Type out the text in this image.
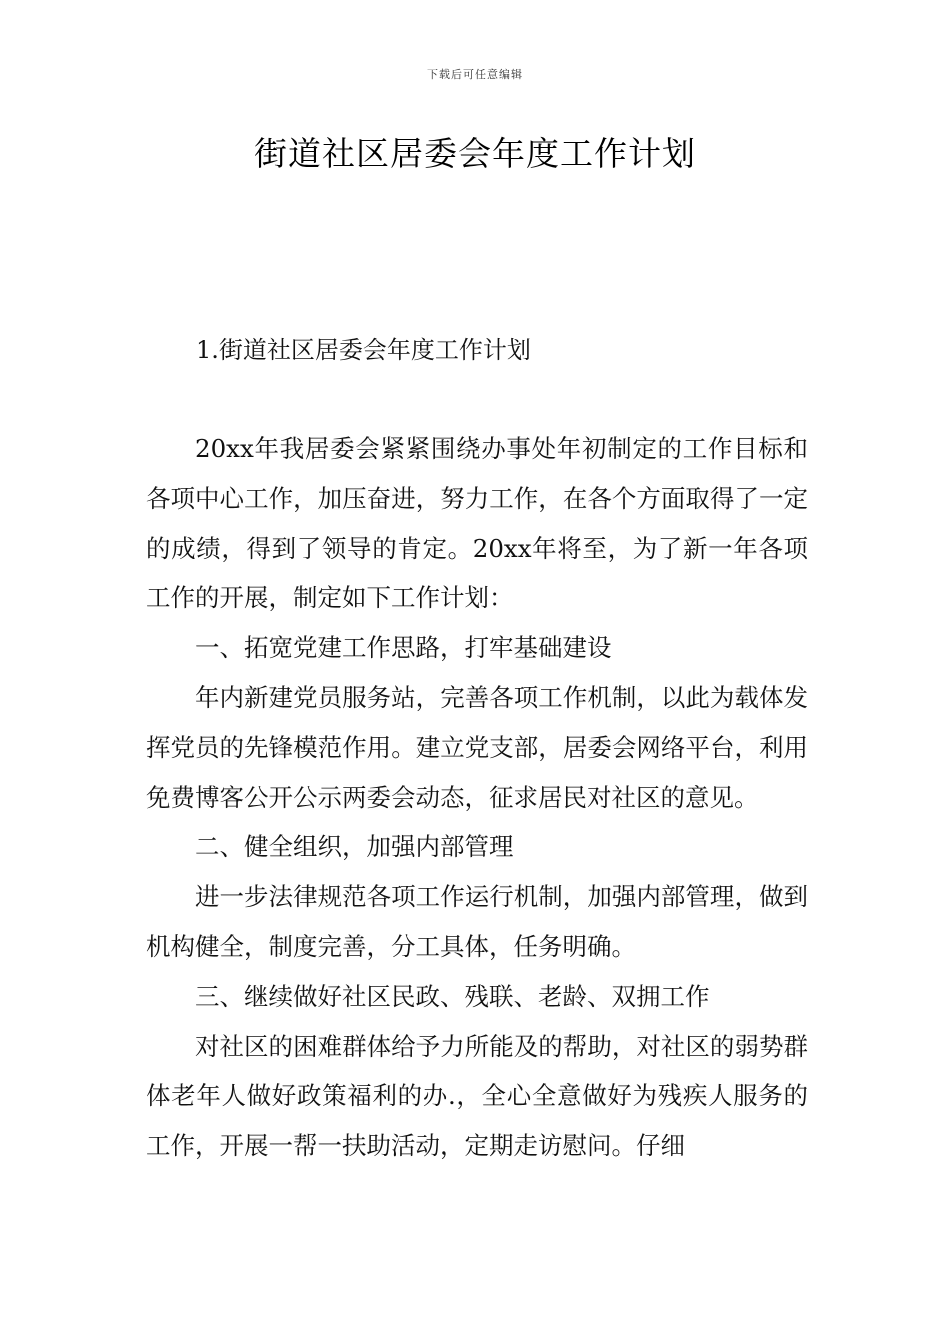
下载后可任意编辑
街道社区居委会年度工作计划
1.街道社区居委会年度工作计划

20xx年我居委会紧紧围绕办事处年初制定的工作目标和各项中心工作，加压奋进，努力工作，在各个方面取得了一定的成绩，得到了领导的肯定。20xx年将至，为了新一年各项工作的开展，制定如下工作计划：

一、拓宽党建工作思路，打牢基础建设

年内新建党员服务站，完善各项工作机制，以此为载体发挥党员的先锋模范作用。建立党支部，居委会网络平台，利用免费博客公开公示两委会动态，征求居民对社区的意见。

二、健全组织，加强内部管理

进一步法律规范各项工作运行机制，加强内部管理，做到机构健全，制度完善，分工具体，任务明确。

三、继续做好社区民政、残联、老龄、双拥工作

对社区的困难群体给予力所能及的帮助，对社区的弱势群体老年人做好政策福利的办.，全心全意做好为残疾人服务的工作，开展一帮一扶助活动，定期走访慰问。仔细
